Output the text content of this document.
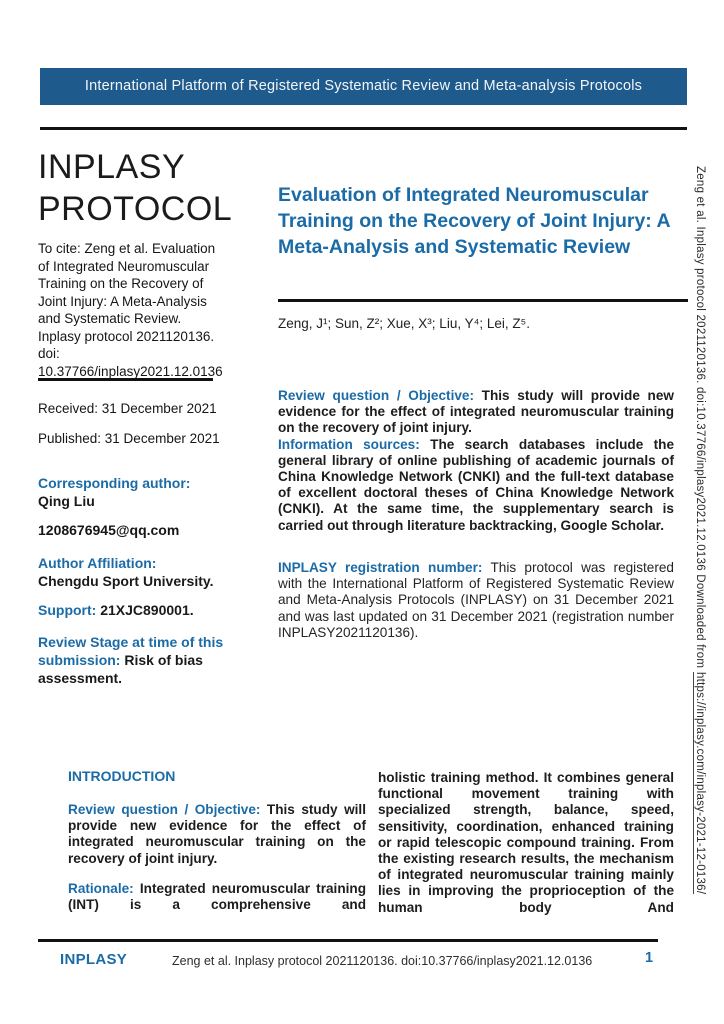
International Platform of Registered Systematic Review and Meta-analysis Protocols
INPLASY
PROTOCOL
To cite: Zeng et al. Evaluation of Integrated Neuromuscular Training on the Recovery of Joint Injury: A Meta-Analysis and Systematic Review. Inplasy protocol 2021120136. doi: 10.37766/inplasy2021.12.0136
Received: 31 December 2021
Published: 31 December 2021
Corresponding author:
Qing Liu
1208676945@qq.com
Author Affiliation:
Chengdu Sport University.
Support: 21XJC890001.
Review Stage at time of this submission: Risk of bias assessment.
Evaluation of Integrated Neuromuscular Training on the Recovery of Joint Injury: A Meta-Analysis and Systematic Review
Zeng, J¹; Sun, Z²; Xue, X³; Liu, Y⁴; Lei, Z⁵.
Review question / Objective: This study will provide new evidence for the effect of integrated neuromuscular training on the recovery of joint injury.
Information sources: The search databases include the general library of online publishing of academic journals of China Knowledge Network (CNKI) and the full-text database of excellent doctoral theses of China Knowledge Network (CNKI). At the same time, the supplementary search is carried out through literature backtracking, Google Scholar.
INPLASY registration number: This protocol was registered with the International Platform of Registered Systematic Review and Meta-Analysis Protocols (INPLASY) on 31 December 2021 and was last updated on 31 December 2021 (registration number INPLASY2021120136).
INTRODUCTION
Review question / Objective: This study will provide new evidence for the effect of integrated neuromuscular training on the recovery of joint injury.
Rationale: Integrated neuromuscular training (INT) is a comprehensive and
holistic training method. It combines general functional movement training with specialized strength, balance, speed, sensitivity, coordination, enhanced training or rapid telescopic compound training. From the existing research results, the mechanism of integrated neuromuscular training mainly lies in improving the proprioception of the human body And
INPLASY	Zeng et al. Inplasy protocol 2021120136. doi:10.37766/inplasy2021.12.0136	1
Zeng et al. Inplasy protocol 2021120136. doi:10.37766/inplasy2021.12.0136 Downloaded from https://inplasy.com/inplasy-2021-12-0136/
